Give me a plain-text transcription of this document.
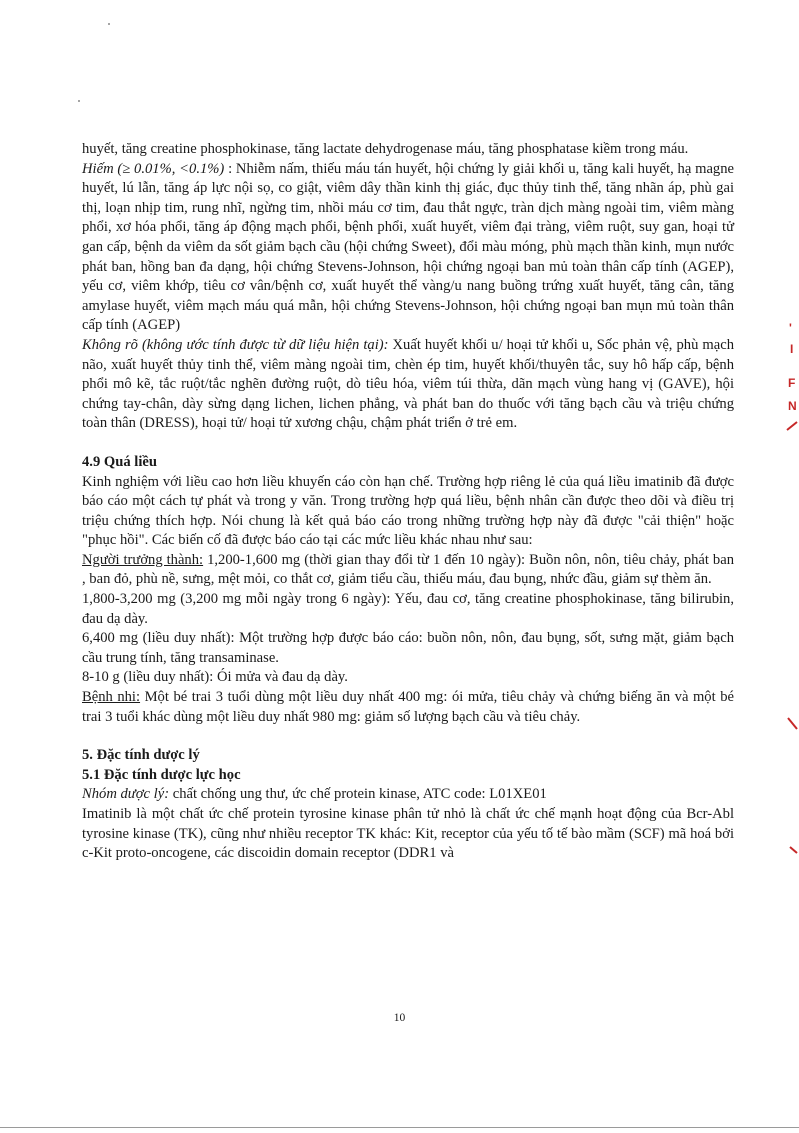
huyết, tăng creatine phosphokinase, tăng lactate dehydrogenase máu, tăng phosphatase kiềm trong máu.

Hiếm (≥ 0.01%, <0.1%) : Nhiễm nấm, thiếu máu tán huyết, hội chứng ly giải khối u, tăng kali huyết, hạ magne huyết, lú lẫn, tăng áp lực nội sọ, co giật, viêm dây thần kinh thị giác, đục thủy tinh thể, tăng nhãn áp, phù gai thị, loạn nhịp tim, rung nhĩ, ngừng tim, nhồi máu cơ tim, đau thắt ngực, tràn dịch màng ngoài tim, viêm màng phổi, xơ hóa phổi, tăng áp động mạch phổi, bệnh phổi, xuất huyết, viêm đại tràng, viêm ruột, suy gan, hoại tử gan cấp, bệnh da viêm da sốt giảm bạch cầu (hội chứng Sweet), đổi màu móng, phù mạch thần kinh, mụn nước phát ban, hồng ban đa dạng, hội chứng Stevens-Johnson, hội chứng ngoại ban mủ toàn thân cấp tính (AGEP), yếu cơ, viêm khớp, tiêu cơ vân/bệnh cơ, xuất huyết thể vàng/u nang buồng trứng xuất huyết, tăng cân, tăng amylase huyết, viêm mạch máu quá mẫn, hội chứng Stevens-Johnson, hội chứng ngoại ban mụn mủ toàn thân cấp tính (AGEP)

Không rõ (không ước tính được từ dữ liệu hiện tại): Xuất huyết khối u/ hoại tử khối u, Sốc phản vệ, phù mạch não, xuất huyết thủy tinh thể, viêm màng ngoài tim, chèn ép tim, huyết khối/thuyên tắc, suy hô hấp cấp, bệnh phổi mô kẽ, tắc ruột/tắc nghẽn đường ruột, dò tiêu hóa, viêm túi thừa, dãn mạch vùng hang vị (GAVE), hội chứng tay-chân, dày sừng dạng lichen, lichen phẳng, và phát ban do thuốc với tăng bạch cầu và triệu chứng toàn thân (DRESS), hoại tử/ hoại tử xương chậu, chậm phát triển ở trẻ em.

4.9 Quá liều

Kinh nghiệm với liều cao hơn liều khuyến cáo còn hạn chế. Trường hợp riêng lẻ của quá liều imatinib đã được báo cáo một cách tự phát và trong y văn. Trong trường hợp quá liều, bệnh nhân cần được theo dõi và điều trị triệu chứng thích hợp. Nói chung là kết quả báo cáo trong những trường hợp này đã được "cải thiện" hoặc "phục hồi". Các biến cố đã được báo cáo tại các mức liều khác nhau như sau:

Người trưởng thành: 1,200-1,600 mg (thời gian thay đổi từ 1 đến 10 ngày): Buồn nôn, nôn, tiêu chảy, phát ban , ban đỏ, phù nề, sưng, mệt mỏi, co thắt cơ, giảm tiểu cầu, thiếu máu, đau bụng, nhức đầu, giảm sự thèm ăn.

1,800-3,200 mg (3,200 mg mỗi ngày trong 6 ngày): Yếu, đau cơ, tăng creatine phosphokinase, tăng bilirubin, đau dạ dày.

6,400 mg (liều duy nhất): Một trường hợp được báo cáo: buồn nôn, nôn, đau bụng, sốt, sưng mặt, giảm bạch cầu trung tính, tăng transaminase.

8-10 g (liều duy nhất): Ói mửa và đau dạ dày.

Bệnh nhi: Một bé trai 3 tuổi dùng một liều duy nhất 400 mg: ói mửa, tiêu chảy và chứng biếng ăn và một bé trai 3 tuổi khác dùng một liều duy nhất 980 mg: giảm số lượng bạch cầu và tiêu chảy.

5. Đặc tính dược lý
5.1 Đặc tính dược lực học

Nhóm dược lý: chất chống ung thư, ức chế protein kinase, ATC code: L01XE01

Imatinib là một chất ức chế protein tyrosine kinase phân tử nhỏ là chất ức chế mạnh hoạt động của Bcr-Abl tyrosine kinase (TK), cũng như nhiều receptor TK khác: Kit, receptor của yếu tố tế bào mầm (SCF) mã hoá bởi c-Kit proto-oncogene, các discoidin domain receptor (DDR1 và

10
'
I
F
N
